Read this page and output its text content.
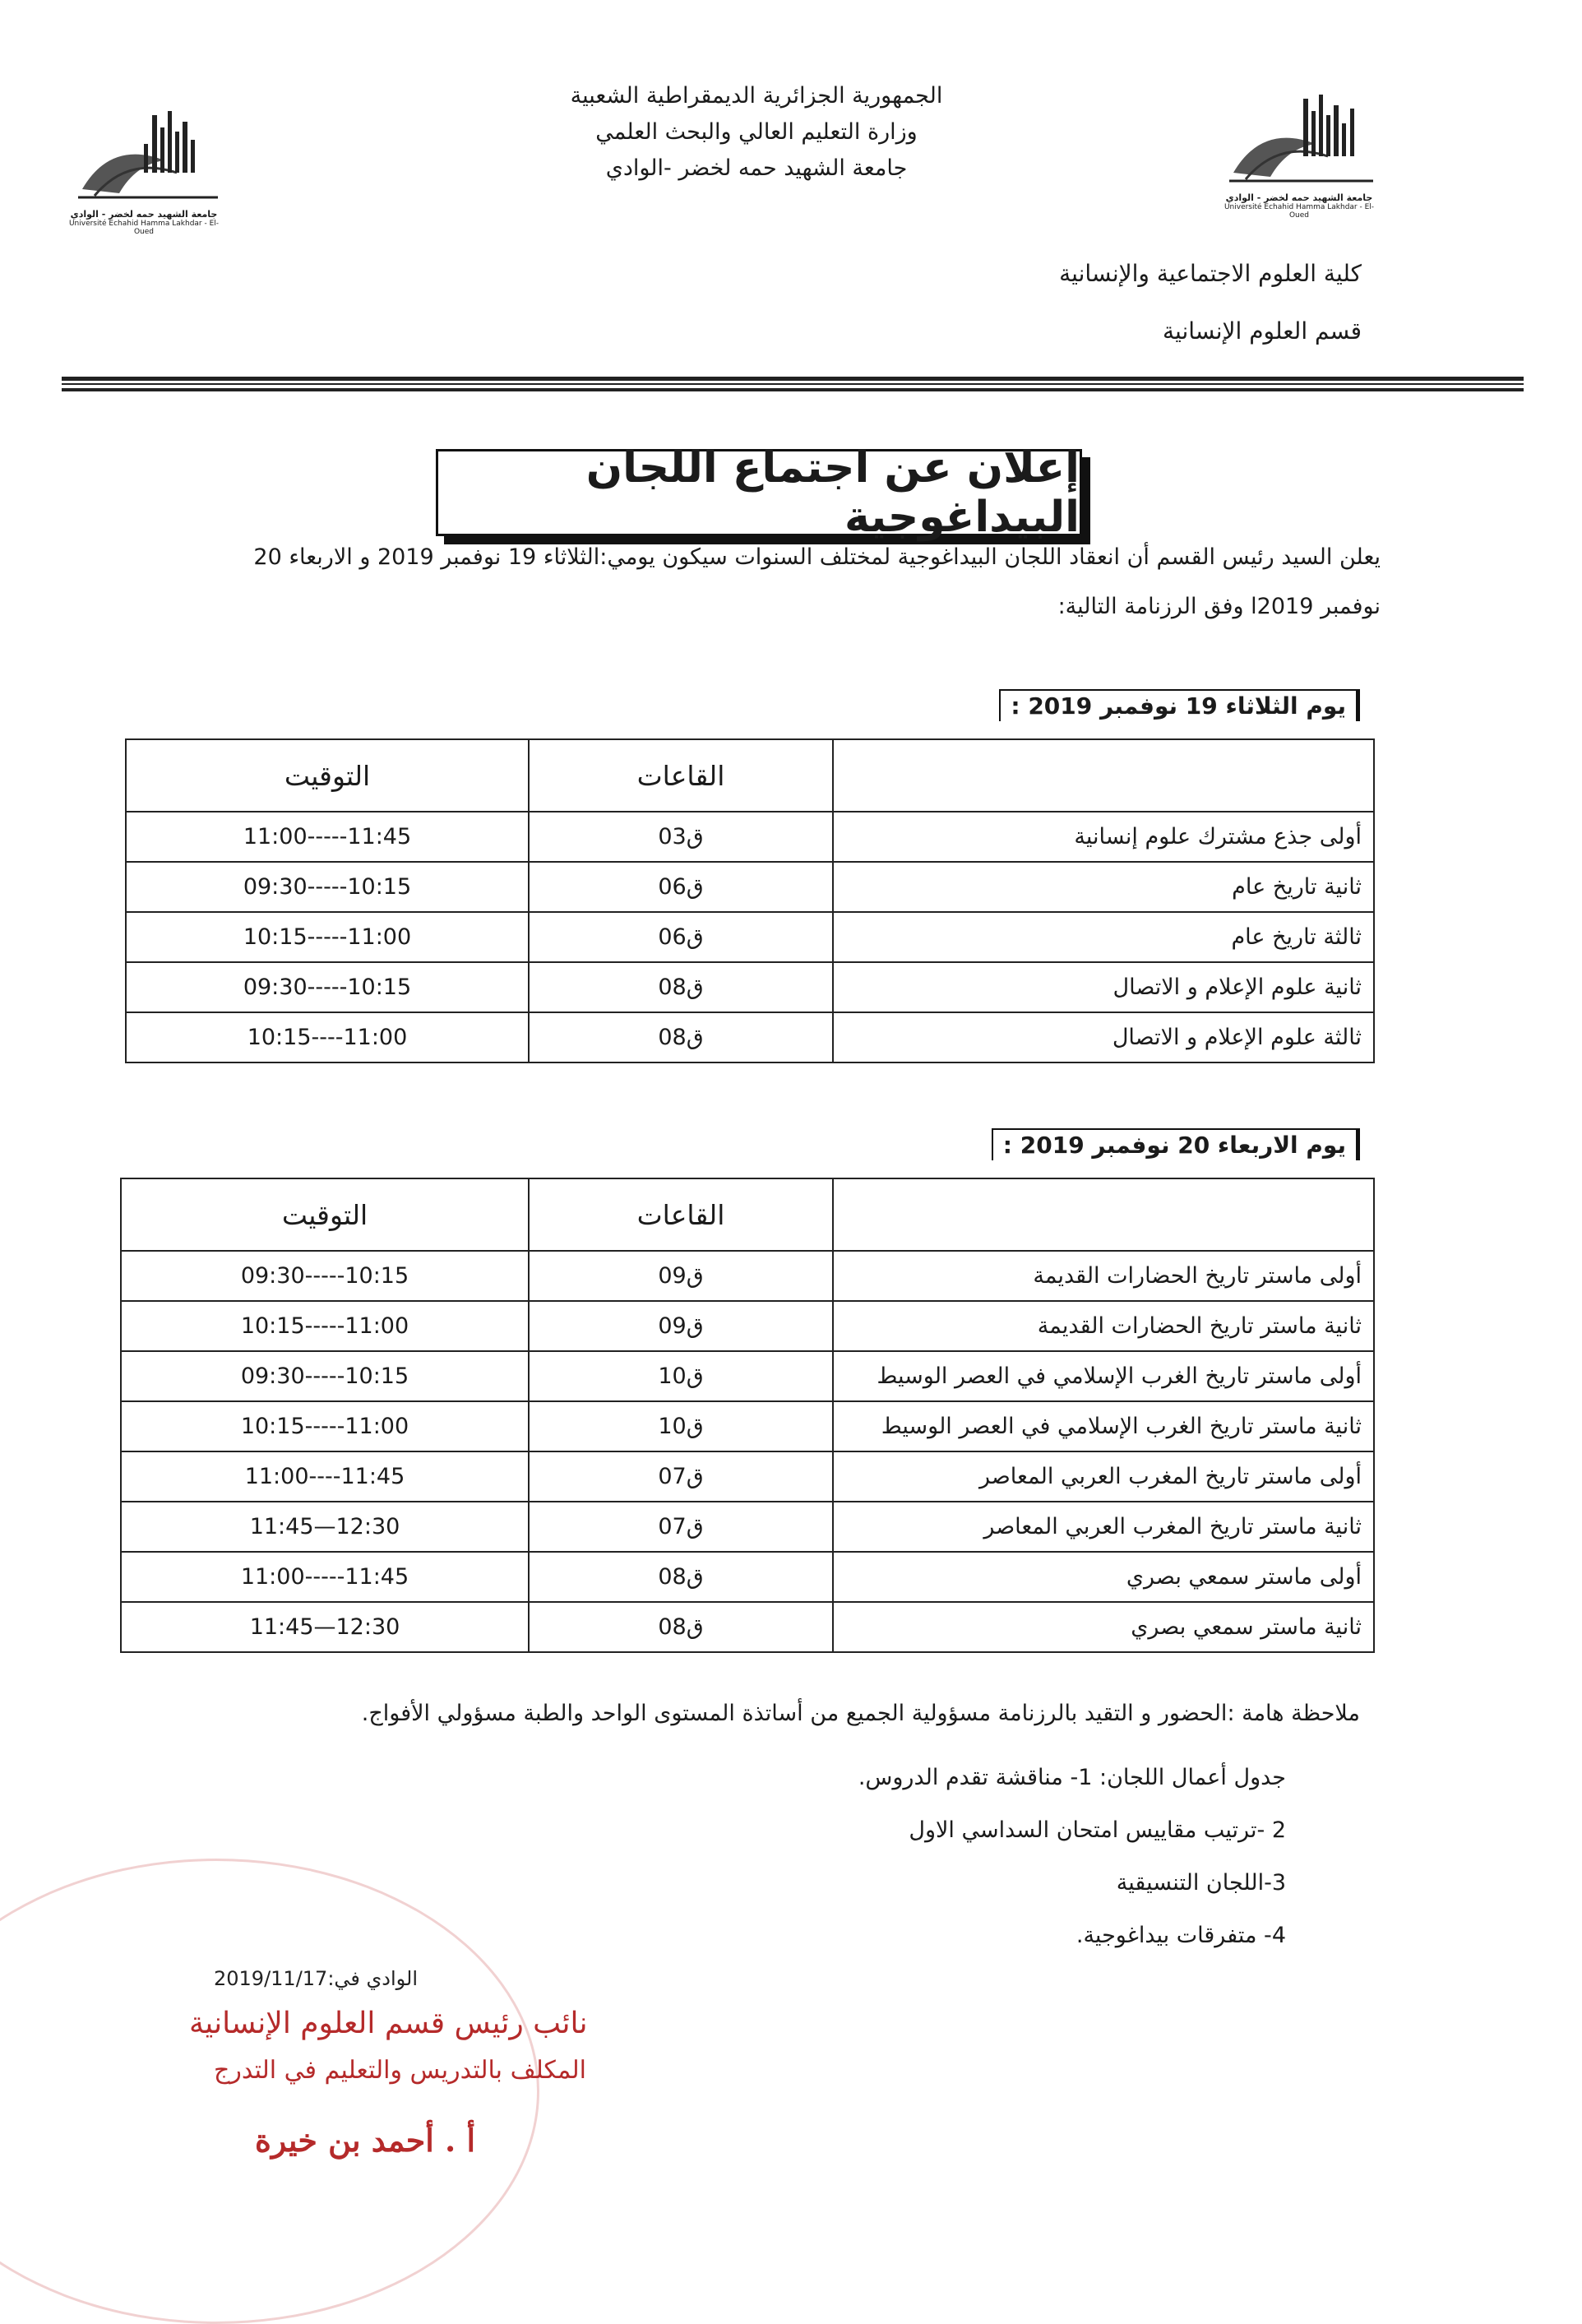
جامعة الشهيد حمه لخضر - الوادي
Université Echahid Hamma Lakhdar - El-Oued
جامعة الشهيد حمه لخضر - الوادي
Université Echahid Hamma Lakhdar - El-Oued
الجمهورية الجزائرية الديمقراطية الشعبية
وزارة التعليم العالي والبحث العلمي
جامعة الشهيد حمه لخضر -الوادي
كلية العلوم الاجتماعية والإنسانية
قسم العلوم الإنسانية
إعلان عن اجتماع اللجان البيداغوجية
يعلن السيد رئيس القسم أن انعقاد اللجان البيداغوجية لمختلف السنوات سيكون يومي:الثلاثاء 19 نوفمبر 2019 و الاربعاء 20
نوفمبر 2019ا وفق الرزنامة التالية:
يوم الثلاثاء 19 نوفمبر 2019 :
	القاعات	التوقيت
أولى جذع مشترك علوم إنسانية	ق03	11:00-----11:45
ثانية تاريخ عام	ق06	09:30-----10:15
ثالثة تاريخ عام	ق06	10:15-----11:00
ثانية علوم الإعلام و الاتصال	ق08	09:30-----10:15
ثالثة علوم الإعلام و الاتصال	ق08	10:15----11:00
يوم الاربعاء 20 نوفمبر 2019 :
	القاعات	التوقيت
أولى ماستر تاريخ الحضارات القديمة	ق09	09:30-----10:15
ثانية ماستر تاريخ الحضارات القديمة	ق09	10:15-----11:00
أولى ماستر تاريخ الغرب الإسلامي في العصر الوسيط	ق10	09:30-----10:15
ثانية ماستر تاريخ الغرب الإسلامي في العصر الوسيط	ق10	10:15-----11:00
أولى ماستر تاريخ المغرب العربي المعاصر	ق07	11:00----11:45
ثانية ماستر تاريخ المغرب العربي المعاصر	ق07	11:45—12:30
أولى ماستر سمعي بصري	ق08	11:00-----11:45
ثانية ماستر سمعي بصري	ق08	11:45—12:30
ملاحظة هامة :الحضور و التقيد بالرزنامة مسؤولية الجميع من أساتذة المستوى الواحد والطبة مسؤولي الأفواج.
جدول أعمال اللجان: 1- مناقشة تقدم الدروس.
2 -ترتيب مقاييس امتحان السداسي الاول
3-اللجان التنسيقية
4- متفرقات بيداغوجية.
الوادي في:2019/11/17
نائب رئيس قسم العلوم الإنسانية
المكلف بالتدريس والتعليم في التدرج
أ . أحمد بن خيرة
